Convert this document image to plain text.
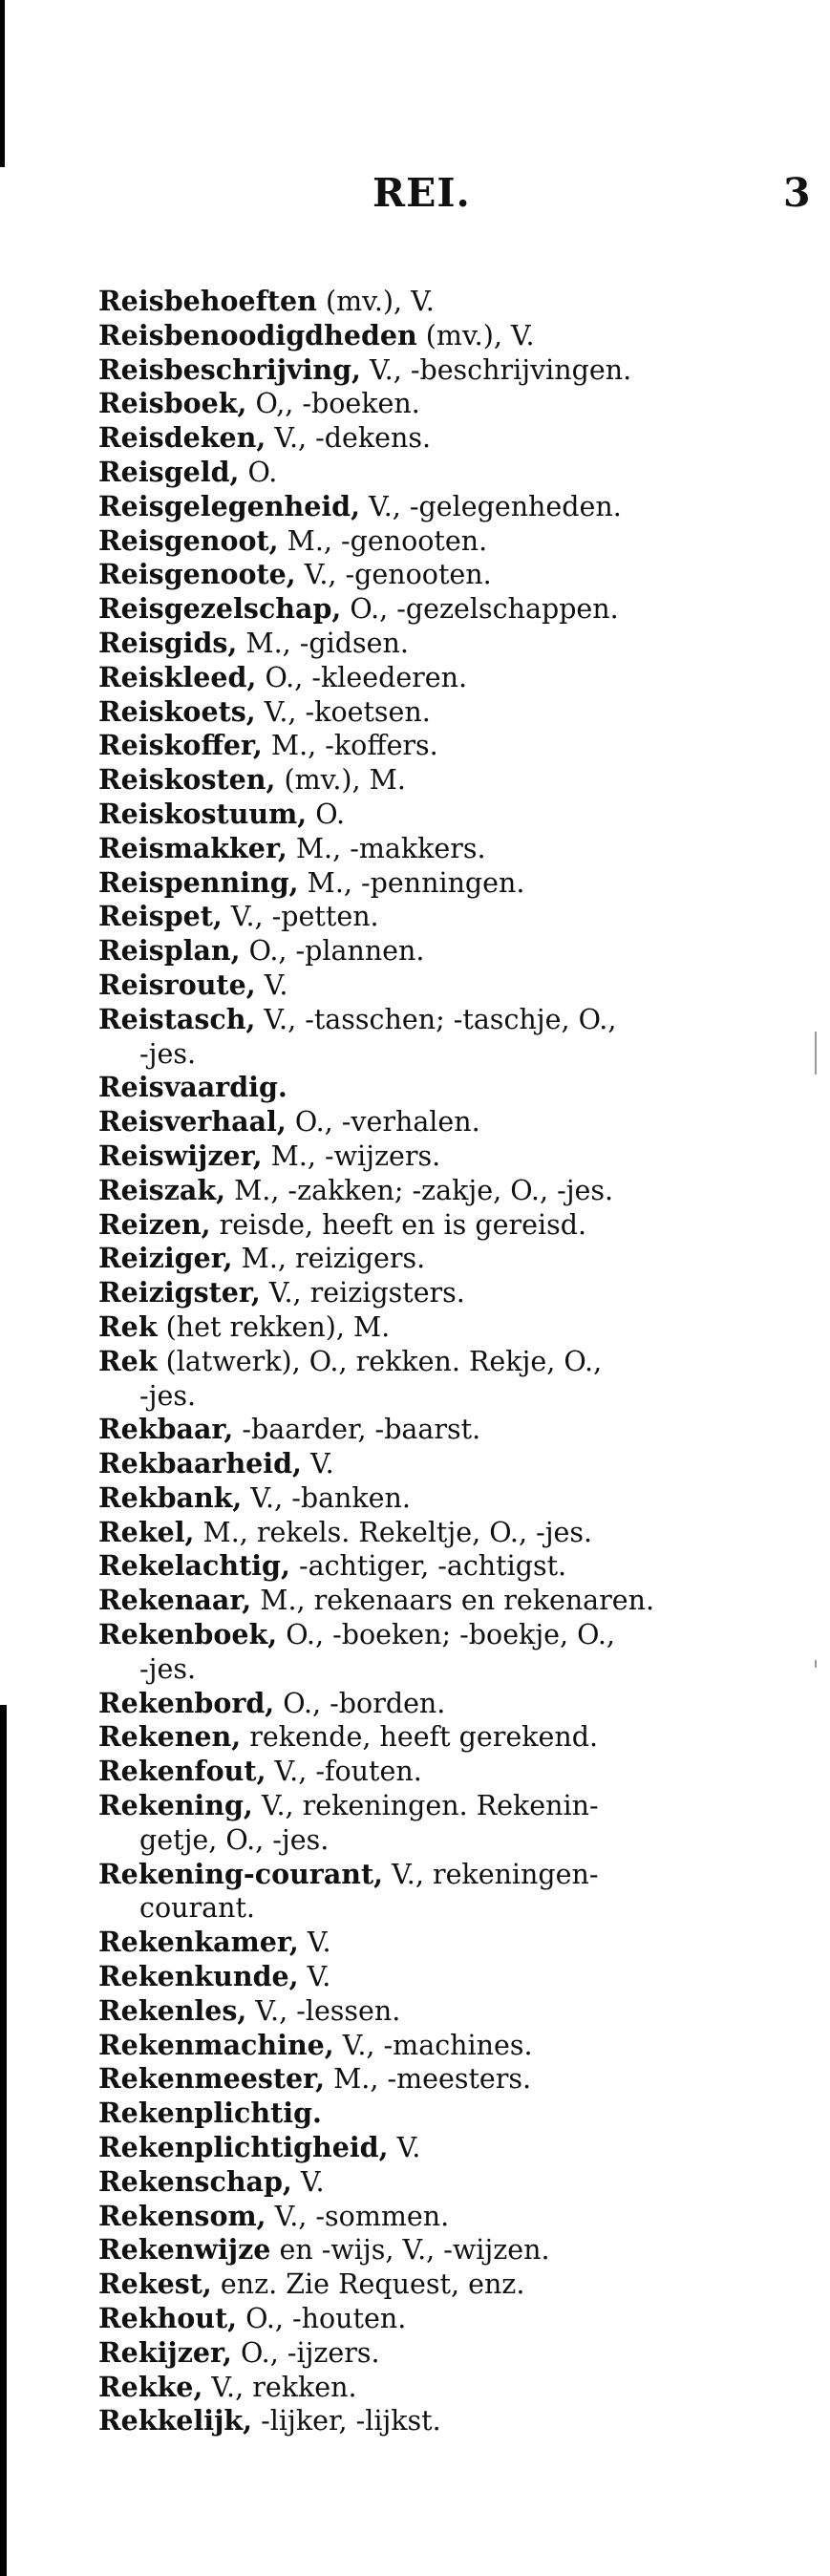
REI.	3
Reisbehoeften (mv.), V.
Reisbenoodigdheden (mv.), V.
Reisbeschrijving, V., -beschrijvingen.
Reisboek, O,, -boeken.
Reisdeken, V., -dekens.
Reisgeld, O.
Reisgelegenheid, V., -gelegenheden.
Reisgenoot, M., -genooten.
Reisgenoote, V., -genooten.
Reisgezelschap, O., -gezelschappen.
Reisgids, M., -gidsen.
Reiskleed, O., -kleederen.
Reiskoets, V., -koetsen.
Reiskoffer, M., -koffers.
Reiskosten, (mv.), M.
Reiskostuum, O.
Reismakker, M., -makkers.
Reispenning, M., -penningen.
Reispet, V., -petten.
Reisplan, O., -plannen.
Reisroute, V.
Reistasch, V., -tasschen; -taschje, O.,
-jes.
Reisvaardig.
Reisverhaal, O., -verhalen.
Reiswijzer, M., -wijzers.
Reiszak, M., -zakken; -zakje, O., -jes.
Reizen, reisde, heeft en is gereisd.
Reiziger, M., reizigers.
Reizigster, V., reizigsters.
Rek (het rekken), M.
Rek (latwerk), O., rekken. Rekje, O.,
-jes.
Rekbaar, -baarder, -baarst.
Rekbaarheid, V.
Rekbank, V., -banken.
Rekel, M., rekels. Rekeltje, O., -jes.
Rekelachtig, -achtiger, -achtigst.
Rekenaar, M., rekenaars en rekenaren.
Rekenboek, O., -boeken; -boekje, O.,
-jes.
Rekenbord, O., -borden.
Rekenen, rekende, heeft gerekend.
Rekenfout, V., -fouten.
Rekening, V., rekeningen. Rekenin-
getje, O., -jes.
Rekening-courant, V., rekeningen-
courant.
Rekenkamer, V.
Rekenkunde, V.
Rekenles, V., -lessen.
Rekenmachine, V., -machines.
Rekenmeester, M., -meesters.
Rekenplichtig.
Rekenplichtigheid, V.
Rekenschap, V.
Rekensom, V., -sommen.
Rekenwijze en -wijs, V., -wijzen.
Rekest, enz. Zie Request, enz.
Rekhout, O., -houten.
Rekijzer, O., -ijzers.
Rekke, V., rekken.
Rekkelijk, -lijker, -lijkst.
